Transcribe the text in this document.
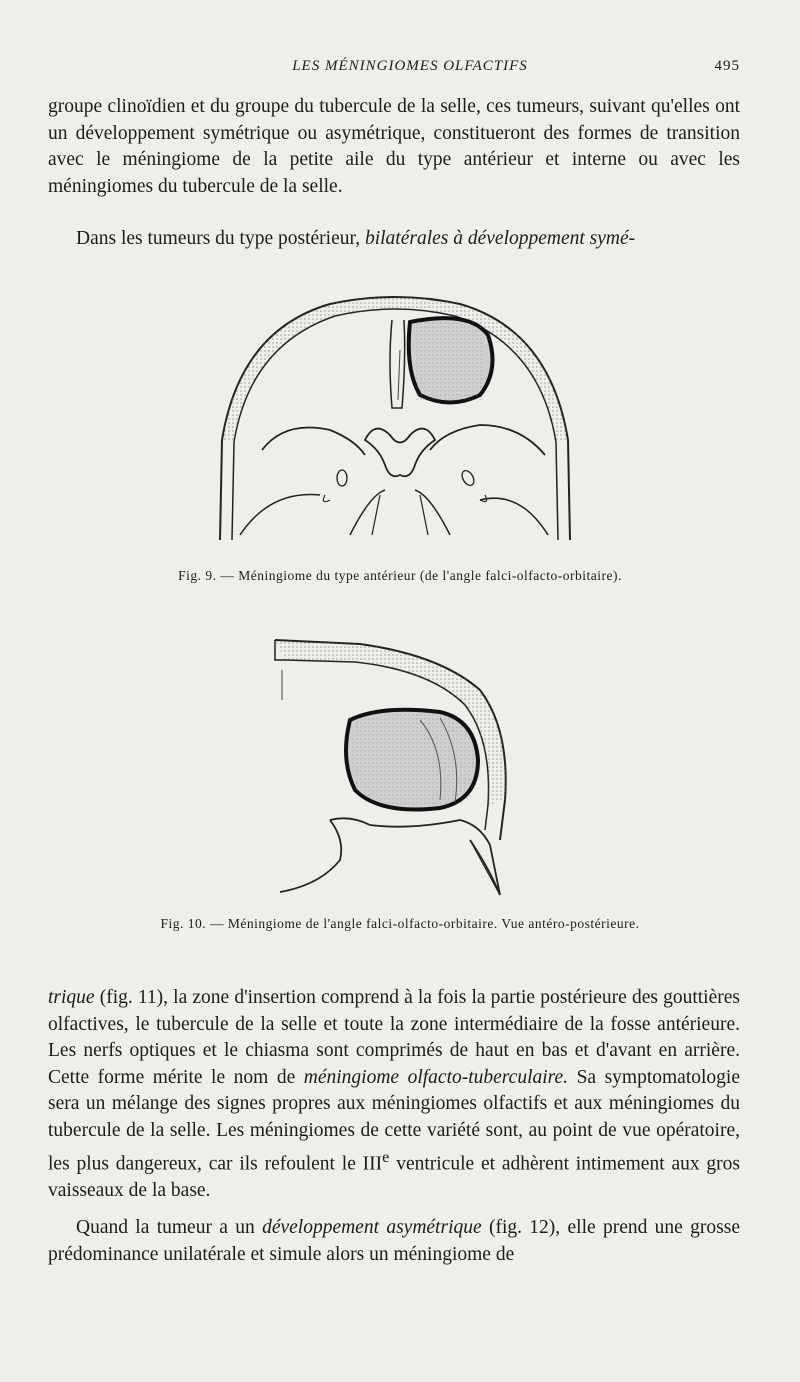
LES MÉNINGIOMES OLFACTIFS	495

groupe clinoïdien et du groupe du tubercule de la selle, ces tumeurs, suivant qu'elles ont un développement symétrique ou asymétrique, constitueront des formes de transition avec le méningiome de la petite aile du type antérieur et interne ou avec les méningiomes du tubercule de la selle.

Dans les tumeurs du type postérieur, bilatérales à développement symé-

Fig. 9. — Méningiome du type antérieur (de l'angle falci-olfacto-orbitaire).
Fig. 10. — Méningiome de l'angle falci-olfacto-orbitaire. Vue antéro-postérieure.

trique (fig. 11), la zone d'insertion comprend à la fois la partie postérieure des gouttières olfactives, le tubercule de la selle et toute la zone intermédiaire de la fosse antérieure. Les nerfs optiques et le chiasma sont comprimés de haut en bas et d'avant en arrière. Cette forme mérite le nom de méningiome olfacto-tuberculaire. Sa symptomatologie sera un mélange des signes propres aux méningiomes olfactifs et aux méningiomes du tubercule de la selle. Les méningiomes de cette variété sont, au point de vue opératoire, les plus dangereux, car ils refoulent le IIIe ventricule et adhèrent intimement aux gros vaisseaux de la base.

Quand la tumeur a un développement asymétrique (fig. 12), elle prend une grosse prédominance unilatérale et simule alors un méningiome de
